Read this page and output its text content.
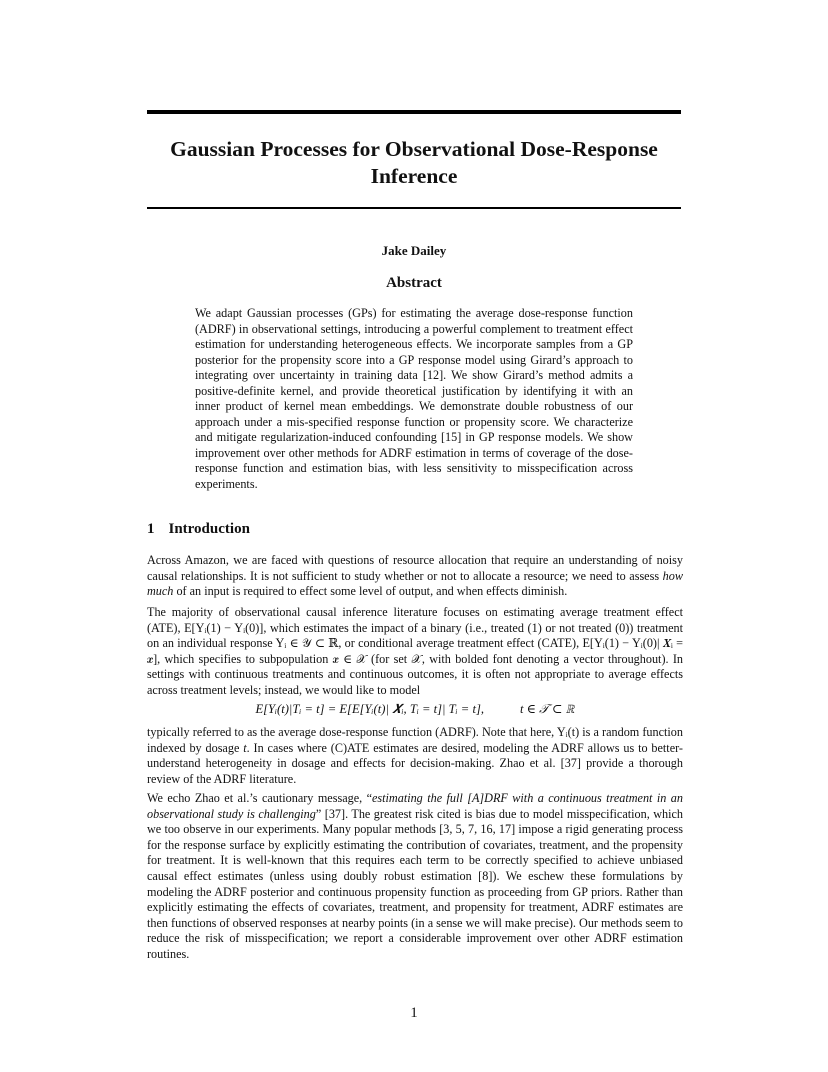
Gaussian Processes for Observational Dose-Response Inference

Jake Dailey

Abstract

We adapt Gaussian processes (GPs) for estimating the average dose-response function (ADRF) in observational settings, introducing a powerful complement to treatment effect estimation for understanding heterogeneous effects. We incorporate samples from a GP posterior for the propensity score into a GP response model using Girard’s approach to integrating over uncertainty in training data [12]. We show Girard’s method admits a positive-definite kernel, and provide theoretical justification by identifying it with an inner product of kernel mean embeddings. We demonstrate double robustness of our approach under a mis-specified response function or propensity score. We characterize and mitigate regularization-induced confounding [15] in GP response models. We show improvement over other methods for ADRF estimation in terms of coverage of the dose-response function and estimation bias, with less sensitivity to misspecification across experiments.

1 Introduction

Across Amazon, we are faced with questions of resource allocation that require an understanding of noisy causal relationships. It is not sufficient to study whether or not to allocate a resource; we need to assess how much of an input is required to effect some level of output, and when effects diminish.

The majority of observational causal inference literature focuses on estimating average treatment effect (ATE), E[Yᵢ(1) − Yᵢ(0)], which estimates the impact of a binary (i.e., treated (1) or not treated (0)) treatment on an individual response Yᵢ ∈ 𝒴 ⊂ ℝ, or conditional average treatment effect (CATE), E[Yᵢ(1) − Yᵢ(0)| 𝑿ᵢ = 𝒙], which specifies to subpopulation 𝒙 ∈ 𝒳 (for set 𝒳, with bolded font denoting a vector throughout). In settings with continuous treatments and continuous outcomes, it is often not appropriate to average effects across treatment levels; instead, we would like to model

E[Yᵢ(t)|Tᵢ = t] = E[E[Yᵢ(t)| 𝑿ᵢ, Tᵢ = t]| Tᵢ = t],	t ∈ 𝒯 ⊂ ℝ

typically referred to as the average dose-response function (ADRF). Note that here, Yᵢ(t) is a random function indexed by dosage t. In cases where (C)ATE estimates are desired, modeling the ADRF allows us to better-understand heterogeneity in dosage and effects for decision-making. Zhao et al. [37] provide a thorough review of the ADRF literature.

We echo Zhao et al.’s cautionary message, “estimating the full [A]DRF with a continuous treatment in an observational study is challenging” [37]. The greatest risk cited is bias due to model misspecification, which we too observe in our experiments. Many popular methods [3, 5, 7, 16, 17] impose a rigid generating process for the response surface by explicitly estimating the contribution of covariates, treatment, and the propensity for treatment. It is well-known that this requires each term to be correctly specified to achieve unbiased causal effect estimates (unless using doubly robust estimation [8]). We eschew these formulations by modeling the ADRF posterior and continuous propensity function as proceeding from GP priors. Rather than explicitly estimating the effects of covariates, treatment, and propensity for treatment, ADRF estimates are then functions of observed responses at nearby points (in a sense we will make precise). Our methods seem to reduce the risk of misspecification; we report a considerable improvement over other ADRF estimation routines.

1
